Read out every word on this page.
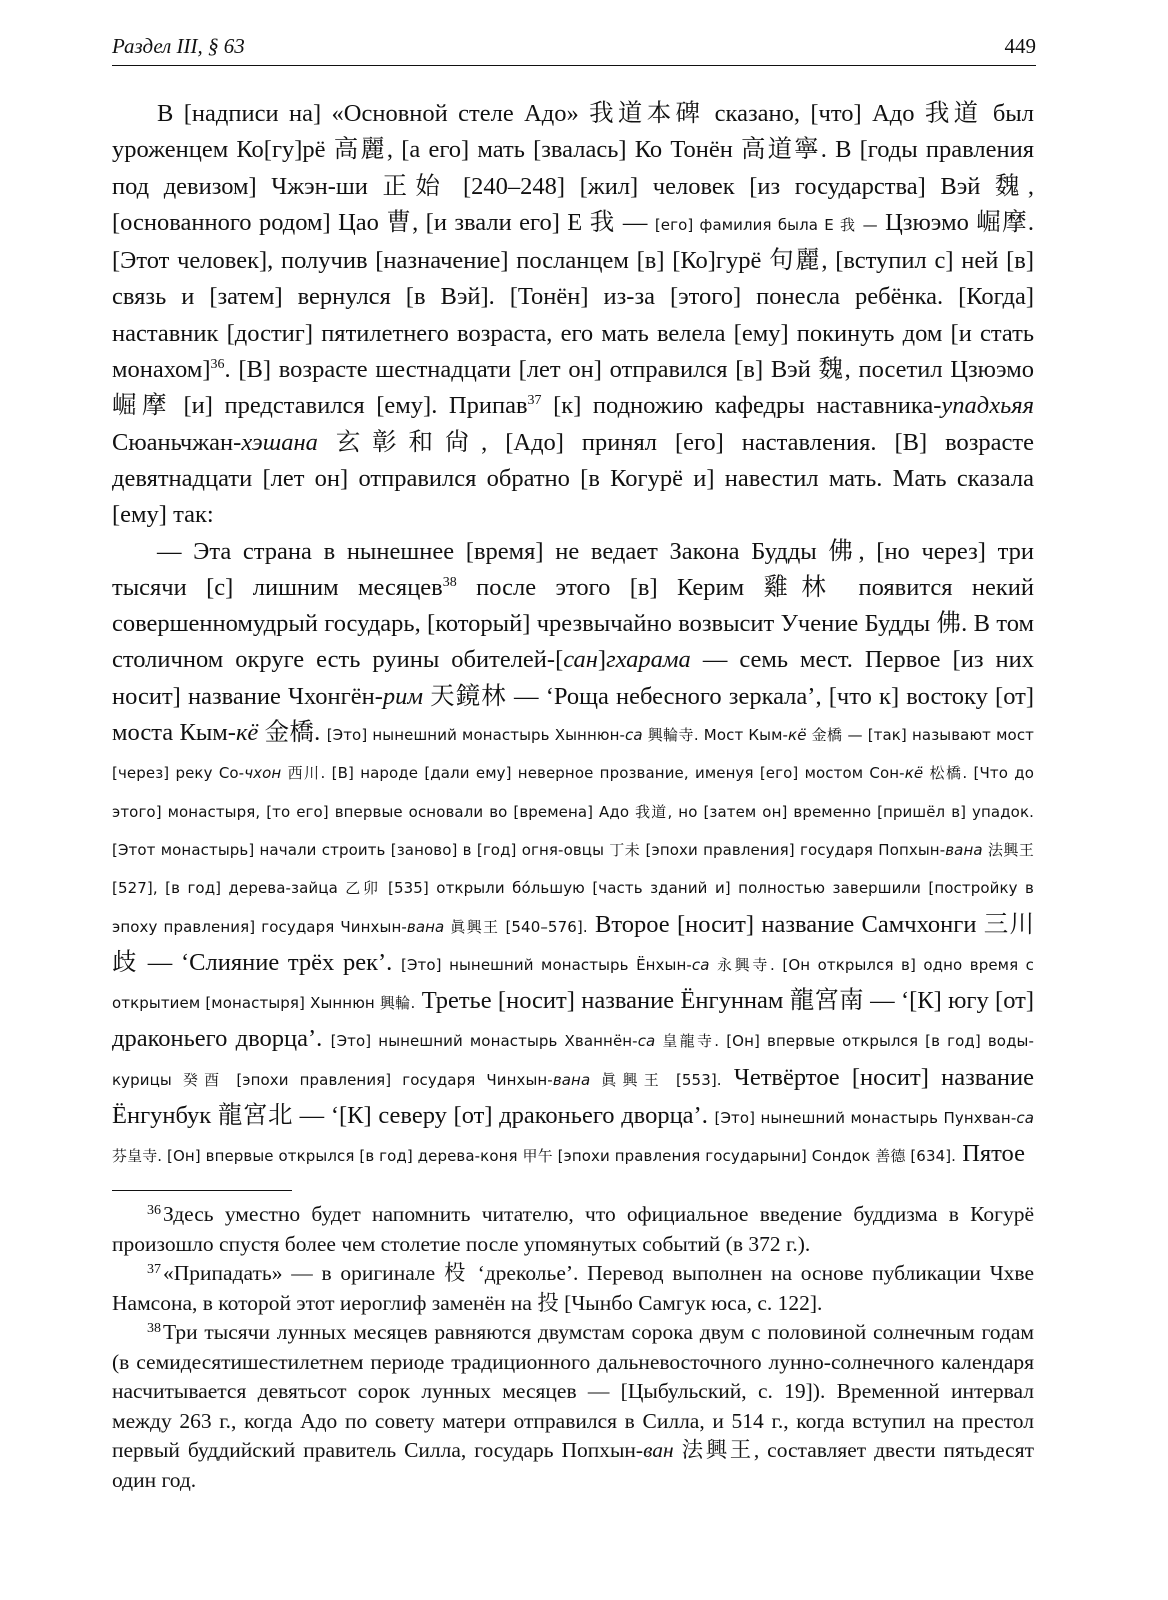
Раздел III, § 63	449

В [надписи на] «Основной стеле Адо» 我道本碑 сказано, [что] Адо 我道 был уроженцем Ко[гу]рё 高麗, [а его] мать [звалась] Ко Тонён 高道寧. В [годы правления под девизом] Чжэн-ши 正始 [240–248] [жил] человек [из государства] Вэй 魏, [основанного родом] Цао 曹, [и звали его] Е 我 — [его] фамилия была Е 我 — Цзюэмо 崛摩. [Этот человек], получив [назначение] посланцем [в] [Ко]гурё 句麗, [вступил с] ней [в] связь и [затем] вернулся [в Вэй]. [Тонён] из-за [этого] понесла ребёнка. [Когда] наставник [достиг] пятилетнего возраста, его мать велела [ему] покинуть дом [и стать монахом]$^{36}$. [В] возрасте шестнадцати [лет он] отправился [в] Вэй 魏, посетил Цзюэмо 崛摩 [и] представился [ему]. Припав$^{37}$ [к] подножию кафедры наставника-упадхьяя Сюаньчжан-хэшана 玄彰和尙, [Адо] принял [его] наставления. [В] возрасте девятнадцати [лет он] отправился обратно [в Когурё и] навестил мать. Мать сказала [ему] так:

— Эта страна в нынешнее [время] не ведает Закона Будды 佛, [но через] три тысячи [с] лишним месяцев$^{38}$ после этого [в] Керим 雞林 появится некий совершенномудрый государь, [который] чрезвычайно возвысит Учение Будды 佛. В том столичном округе есть руины обителей-[сан]гхарама — семь мест. Первое [из них носит] название Чхонгён-рим 天鏡林 — ‘Роща небесного зеркала’, [что к] востоку [от] моста Кым-кё 金橋. [Это] нынешний монастырь Хыннюн-са 興輪寺. Мост Кым-кё 金橋 — [так] называют мост [через] реку Со-чхон 西川. [В] народе [дали ему] неверное прозвание, именуя [его] мостом Сон-кё 松橋. [Что до этого] монастыря, [то его] впервые основали во [времена] Адо 我道, но [затем он] временно [пришёл в] упадок. [Этот монастырь] начали строить [заново] в [год] огня-овцы 丁未 [эпохи правления] государя Попхын-вана 法興王 [527], [в год] дерева-зайца 乙卯 [535] открыли бóльшую [часть зданий и] полностью завершили [постройку в эпоху правления] государя Чинхын-вана 眞興王 [540–576]. Второе [носит] название Самчхонги 三川歧 — ‘Слияние трёх рек’. [Это] нынешний монастырь Ёнхын-са 永興寺. [Он открылся в] одно время с открытием [монастыря] Хыннюн 興輪. Третье [носит] название Ёнгуннам 龍宮南 — ‘[К] югу [от] драконьего дворца’. [Это] нынешний монастырь Хваннён-са 皇龍寺. [Он] впервые открылся [в год] воды-курицы 癸酉 [эпохи правления] государя Чинхын-вана 眞興王 [553]. Четвёртое [носит] название Ёнгунбук 龍宮北 — ‘[К] северу [от] драконьего дворца’. [Это] нынешний монастырь Пунхван-са 芬皇寺. [Он] впервые открылся [в год] дерева-коня 甲午 [эпохи правления государыни] Сондок 善德 [634]. Пятое

$^{36}$Здесь уместно будет напомнить читателю, что официальное введение буддизма в Когурё произошло спустя более чем столетие после упомянутых событий (в 372 г.).

$^{37}$«Припадать» — в оригинале 杸 ‘дреколье’. Перевод выполнен на основе публикации Чхве Намсона, в которой этот иероглиф заменён на 投 [Чынбо Самгук юса, с. 122].

$^{38}$Три тысячи лунных месяцев равняются двумстам сорока двум с половиной солнечным годам (в семидесятишестилетнем периоде традиционного дальневосточного лунно-солнечного календаря насчитывается девятьсот сорок лунных месяцев — [Цыбульский, с. 19]). Временной интервал между 263 г., когда Адо по совету матери отправился в Силла, и 514 г., когда вступил на престол первый буддийский правитель Силла, государь Попхын-ван 法興王, составляет двести пятьдесят один год.
